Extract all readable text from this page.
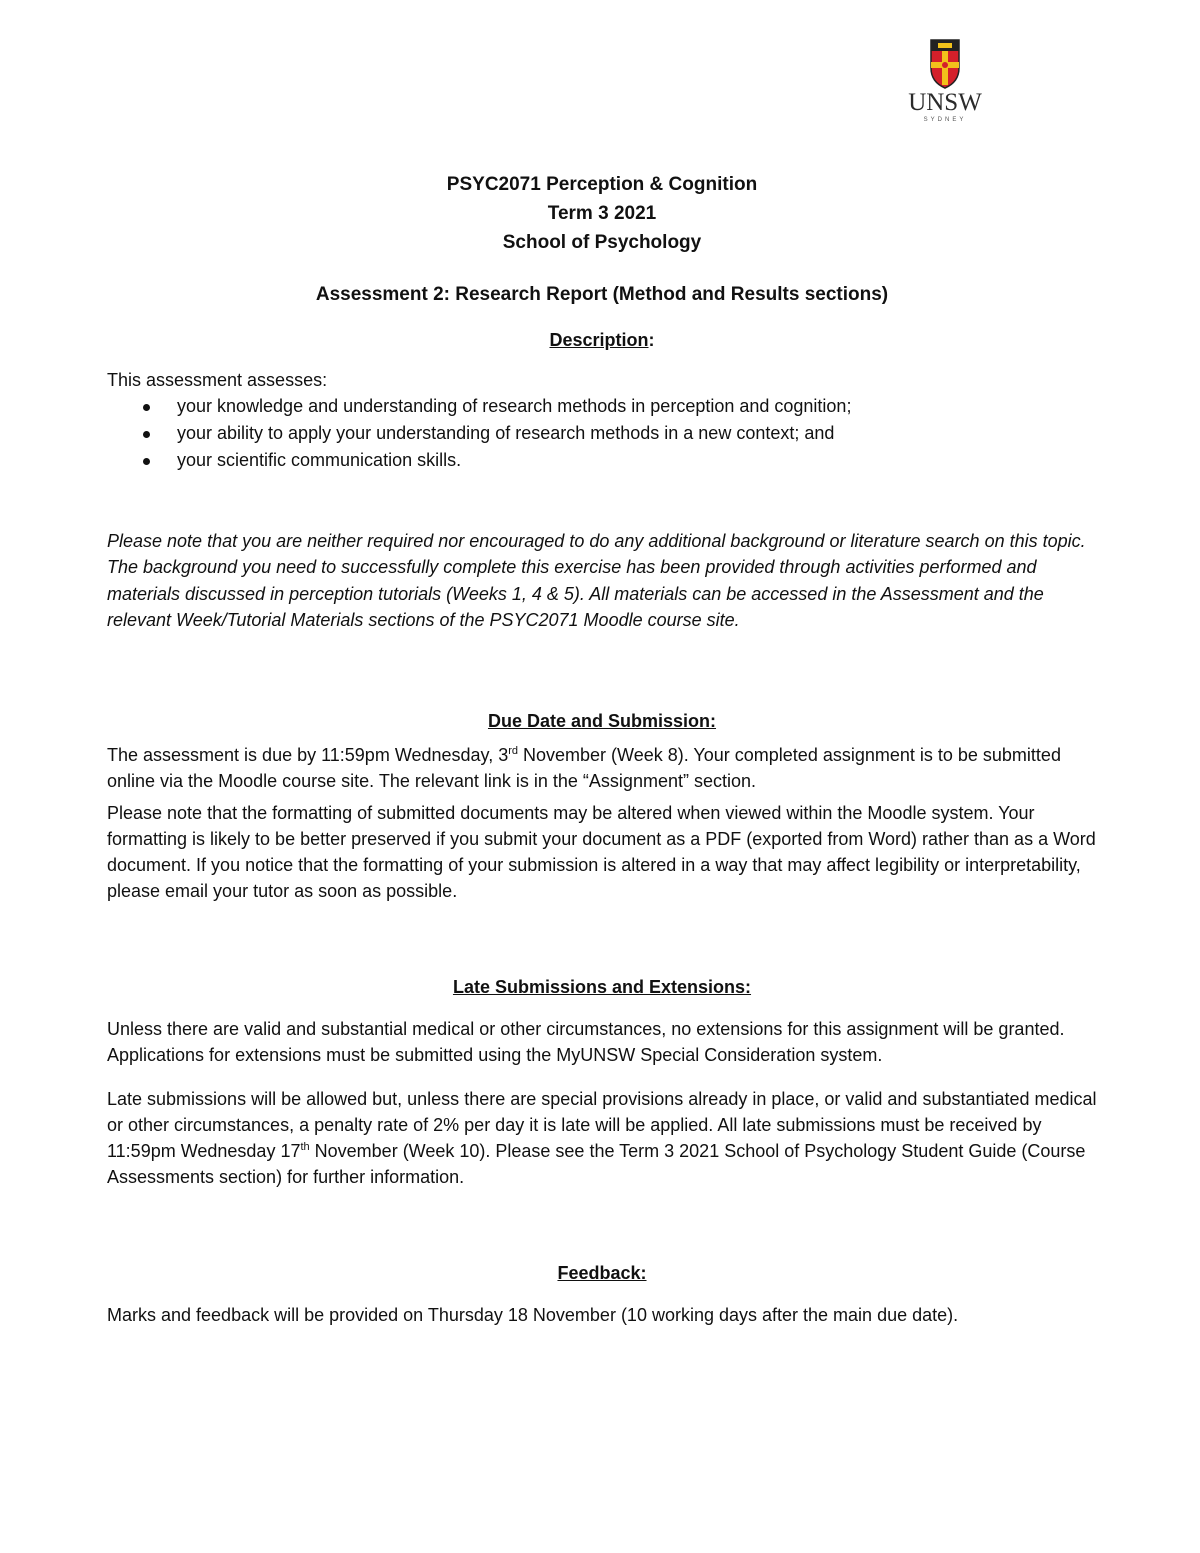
UNSW
SYDNEY
PSYC2071 Perception & Cognition
Term 3 2021
School of Psychology
Assessment 2: Research Report (Method and Results sections)
Description:
This assessment assesses:
your knowledge and understanding of research methods in perception and cognition;
your ability to apply your understanding of research methods in a new context; and
your scientific communication skills.
Please note that you are neither required nor encouraged to do any additional background or literature search on this topic. The background you need to successfully complete this exercise has been provided through activities performed and materials discussed in perception tutorials (Weeks 1, 4 & 5). All materials can be accessed in the Assessment and the relevant Week/Tutorial Materials sections of the PSYC2071 Moodle course site.
Due Date and Submission:
The assessment is due by 11:59pm Wednesday, 3rd November (Week 8). Your completed assignment is to be submitted online via the Moodle course site. The relevant link is in the “Assignment” section.
Please note that the formatting of submitted documents may be altered when viewed within the Moodle system. Your formatting is likely to be better preserved if you submit your document as a PDF (exported from Word) rather than as a Word document. If you notice that the formatting of your submission is altered in a way that may affect legibility or interpretability, please email your tutor as soon as possible.
Late Submissions and Extensions:
Unless there are valid and substantial medical or other circumstances, no extensions for this assignment will be granted. Applications for extensions must be submitted using the MyUNSW Special Consideration system.
Late submissions will be allowed but, unless there are special provisions already in place, or valid and substantiated medical or other circumstances, a penalty rate of 2% per day it is late will be applied. All late submissions must be received by 11:59pm Wednesday 17th November (Week 10). Please see the Term 3 2021 School of Psychology Student Guide (Course Assessments section) for further information.
Feedback:
Marks and feedback will be provided on Thursday 18 November (10 working days after the main due date).
